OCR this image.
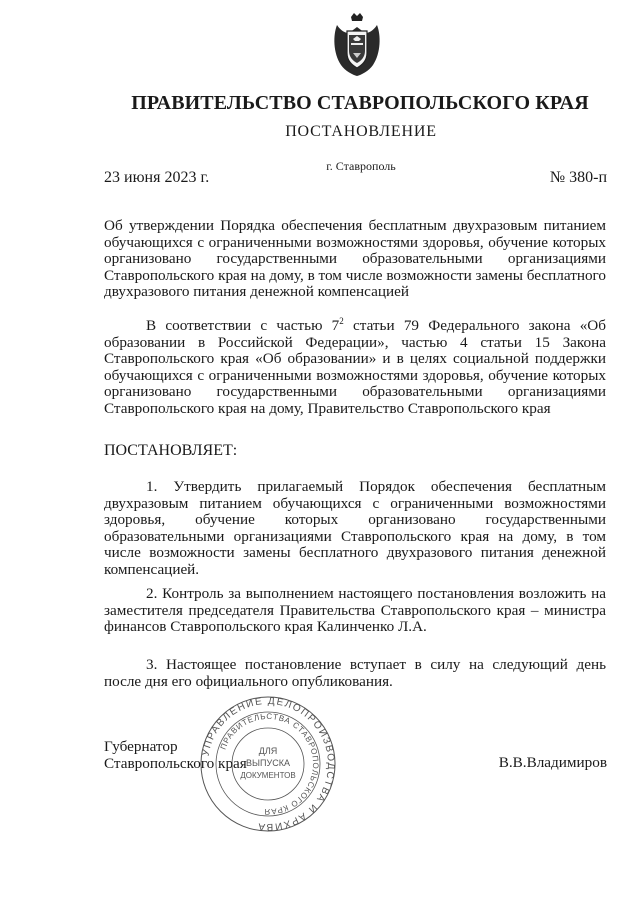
ПРАВИТЕЛЬСТВО СТАВРОПОЛЬСКОГО КРАЯ
ПОСТАНОВЛЕНИЕ
г. Ставрополь
23 июня 2023 г.	№ 380-п
Об утверждении Порядка обеспечения бесплатным двухразовым питанием обучающихся с ограниченными возможностями здоровья, обучение которых организовано государственными образовательными организациями Ставропольского края на дому, в том числе возможности замены бесплатного двухразового питания денежной компенсацией
В соответствии с частью $7^2$ статьи 79 Федерального закона «Об образовании в Российской Федерации», частью 4 статьи 15 Закона Ставропольского края «Об образовании» и в целях социальной поддержки обучающихся с ограниченными возможностями здоровья, обучение которых организовано государственными образовательными организациями Ставропольского края на дому, Правительство Ставропольского края
ПОСТАНОВЛЯЕТ:
1. Утвердить прилагаемый Порядок обеспечения бесплатным двухразовым питанием обучающихся с ограниченными возможностями здоровья, обучение которых организовано государственными образовательными организациями Ставропольского края на дому, в том числе возможности замены бесплатного двухразового питания денежной компенсацией.
2. Контроль за выполнением настоящего постановления возложить на заместителя председателя Правительства Ставропольского края – министра финансов Ставропольского края Калинченко Л.А.
3. Настоящее постановление вступает в силу на следующий день после дня его официального опубликования.
УПРАВЛЕНИЕ ДЕЛОПРОИЗВОДСТВА И АРХИВА
ПРАВИТЕЛЬСТВА СТАВРОПОЛЬСКОГО КРАЯ
ДЛЯ
ВЫПУСКА
ДОКУМЕНТОВ
Губернатор
Ставропольского края	В.В.Владимиров
